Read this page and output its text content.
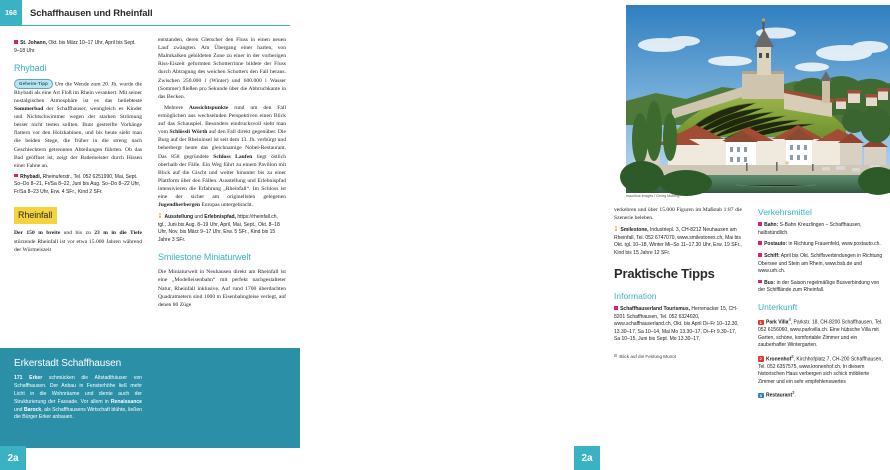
168	Schaffhausen und Rheinfall
St. Johann, Okt. bis März 10–17 Uhr, April bis Sept. 9–18 Uhr.
Rhybadi

Geheim-Tipp Um die Wende zum 20. Jh. wurde die Rhybadi als eine Art Floß im Rhein verankert. Mit seiner nostalgischen Atmosphäre ist es das beliebteste Sommerbad der Schaffhauser, wenngleich es Kinder und Nichtschwimmer wegen der starken Strömung besser nicht testen sollten. Bunt gestreifte Vorhänge flattern vor den Holzkabinen, und bis heute sieht man die beiden Stege, die früher in die streng nach Geschlechtern getrennten Abteilungen führten. Ob das Bad geöffnet ist, zeigt der Bademeister durch Hissen einer Fahne an.

Rhybadi, Rheinuferstr., Tel. 052 6251990, Mai, Sept. So–Do 8–21, Fr/Sa 8–22, Juni bis Aug. So–Do 8–22 Uhr, Fr/Sa 8–23 Uhr, Erw. 4 SFr., Kind 2 SFr.
Rheinfall

Der 150 m breite und bis zu 23 m in die Tiefe stürzende Rheinfall ist vor etwa 15.000 Jahren während der Würmeiszeit

entstanden, deren Gletscher den Fluss in einen neuen Lauf zwängten. Am Übergang einer harten, von Malmkalken gebildeten Zone zu einer in der vorherigen Riss-Eiszeit geformten Schotterrinne bildete der Fluss durch Abtragung des weichen Schotters den Fall heraus. Zwischen 250.000 l (Winter) und 600.000 l Wasser (Sommer) fließen pro Sekunde über die Abbruchkante in das Becken.

Mehrere Aussichtspunkte rund um den Fall ermöglichen aus wechselnden Perspektiven einen Blick auf das Schauspiel. Besonders eindrucksvoll sieht man vom Schlössli Wörth auf den Fall direkt gegenüber. Die Burg auf der Rheininsel ist seit dem 13. Jh. verbürgt und beherbergt heute das gleichnamige Nobel-Restaurant. Das 858 gegründete Schloss Laufen liegt östlich oberhalb der Fälle. Ein Weg führt zu einem Pavillon mit Blick auf die Gischt und weiter hinunter bis zu einer Plattform über den Fällen. Ausstellung und Erlebnispfad intensivieren die Erfahrung „Rheinfall“. Im Schloss ist eine der sicher am originellsten gelegenen Jugendherbergen Europas untergebracht.

Ausstellung und Erlebnispfad, https://rheinfall.ch, tgl., Juni bis Aug. 8–19 Uhr, April, Mai, Sept., Okt. 8–18 Uhr, Nov. bis März 9–17 Uhr, Erw. 5 SFr., Kind bis 15 Jahre 3 SFr.
Smilestone Miniaturwelt

Die Miniaturwelt in Neuhausen direkt am Rheinfall ist eine „Modelleisenbahn“ mit perfekt nachgestalteter Natur, Rheinfall inklusive. Auf rund 1700 überdachten Quadratmetern sind 1000 m Eisenbahngleise verlegt, auf denen 80 Züge

Erkerstadt Schaffhausen
171 Erker schmücken die Altstadthäuser von Schaffhausen. Der Anbau in Fensterhöhe ließ mehr Licht in die Wohnräume und diente auch der Strukturierung der Fassade. Vor allem in Renaissance und Barock, als Schaffhausens Wirtschaft blühte, ließen die Bürger Erker anbauen.
2a
mauritius images / Georg Moberg

verkehren und über 15.000 Figuren im Maßstab 1:87 die Szenerie beleben.

Smilestone, Industriepl. 3, CH-8212 Neuhausen am Rheinfall, Tel. 052 6747070, www.smilestones.ch, Mai bis Okt. tgl. 10–18, Winter Mi–So 11–17.30 Uhr, Erw. 19 SFr., Kind bis 15 Jahre 12 SFr.
Praktische Tipps
Information
Schaffhauserland Tourismus, Herrenacker 15, CH-8201 Schaffhausen, Tel. 052 6324020, www.schaffhauserland.ch, Okt. bis April Di–Fr 10–12.30, 13.30–17, Sa 10–14, Mai Mo 13.30–17, Di–Fr 9.30–17, Sa 10–15, Juni bis Sept. Mo 13.30–17,
Blick auf die Festung Munot
Verkehrsmittel
Bahn: S-Bahn Kreuzlingen – Schaffhausen, halbstündlich.
Postauto: in Richtung Frauenfeld, www.postauto.ch.
Schiff: April bis Okt. Schiffsverbindungen in Richtung Obersee und Stein am Rhein, www.bsb.de und www.urh.ch.
Bus: in der Saison regelmäßige Busverbindung von der Schifflände zum Rheinfall.
Unterkunft
1 Park Villa$^4$, Parkstr. 18, CH-8200 Schaffhausen, Tel. 052 6156060, www.parkvilla.ch. Eine hübsche Villa mit Garten, schöne, komfortable Zimmer und ein zauberhafter Wintergarten.
2 Kronenhof$^3$, Kirchhofplatz 7, CH-200 Schaffhausen, Tel. 052 6357575, www.kronenhof.ch. In diesem historischen Haus verbergen sich schick möblierte Zimmer und ein sehr empfehlenswertes
3 Restaurant$^3$.
2a
